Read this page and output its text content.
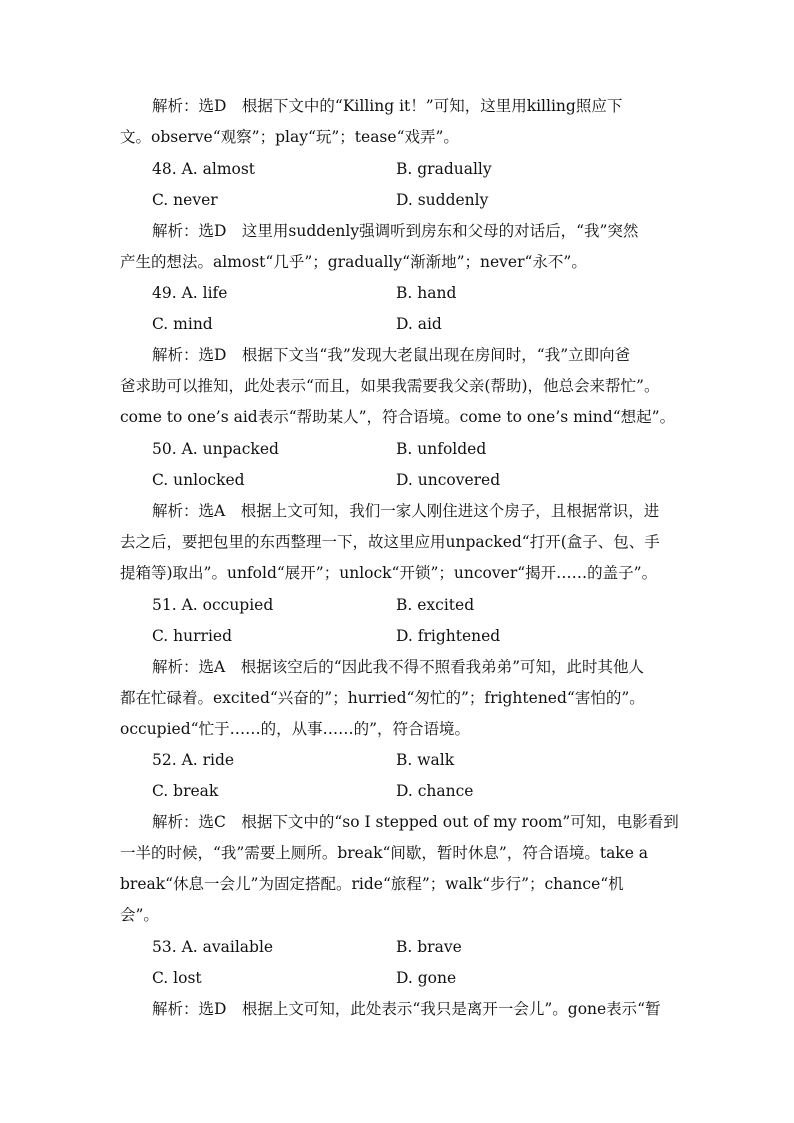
解析：选D　根据下文中的“Killing it！”可知，这里用killing照应下
文。observe“观察”；play“玩”；tease“戏弄”。
48. A. almost	B. gradually
C. never	D. suddenly
解析：选D　这里用suddenly强调听到房东和父母的对话后，“我”突然
产生的想法。almost“几乎”；gradually“渐渐地”；never“永不”。
49. A. life	B. hand
C. mind	D. aid
解析：选D　根据下文当“我”发现大老鼠出现在房间时，“我”立即向爸
爸求助可以推知，此处表示“而且，如果我需要我父亲(帮助)，他总会来帮忙”。
come to one’s aid表示“帮助某人”，符合语境。come to one’s mind“想起”。
50. A. unpacked	B. unfolded
C. unlocked	D. uncovered
解析：选A　根据上文可知，我们一家人刚住进这个房子，且根据常识，进
去之后，要把包里的东西整理一下，故这里应用unpacked“打开(盒子、包、手
提箱等)取出”。unfold“展开”；unlock“开锁”；uncover“揭开……的盖子”。
51. A. occupied	B. excited
C. hurried	D. frightened
解析：选A　根据该空后的“因此我不得不照看我弟弟”可知，此时其他人
都在忙碌着。excited“兴奋的”；hurried“匆忙的”；frightened“害怕的”。
occupied“忙于……的，从事……的”，符合语境。
52. A. ride	B. walk
C. break	D. chance
解析：选C　根据下文中的“so I stepped out of my room”可知，电影看到
一半的时候，“我”需要上厕所。break“间歇，暂时休息”，符合语境。take a
break“休息一会儿”为固定搭配。ride“旅程”；walk“步行”；chance“机
会”。
53. A. available	B. brave
C. lost	D. gone
解析：选D　根据上文可知，此处表示“我只是离开一会儿”。gone表示“暂
